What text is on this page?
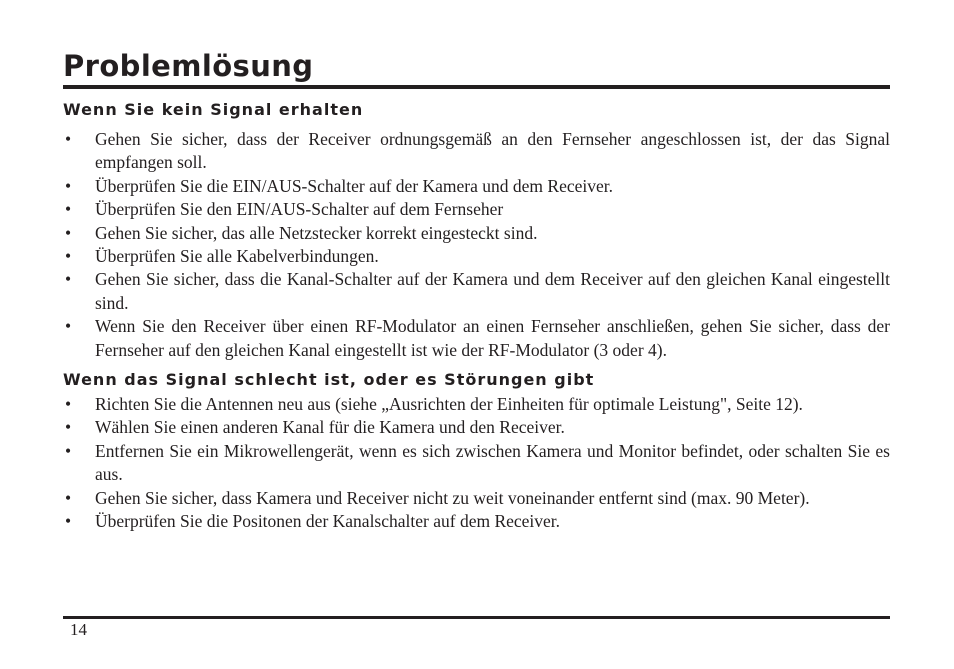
Problemlösung
Wenn Sie kein Signal erhalten
• Gehen Sie sicher, dass der Receiver ordnungsgemäß an den Fernseher angeschlossen ist, der das Signal empfangen soll.
• Überprüfen Sie die EIN/AUS-Schalter auf der Kamera und dem Receiver.
• Überprüfen Sie den EIN/AUS-Schalter auf dem Fernseher
• Gehen Sie sicher, das alle Netzstecker korrekt eingesteckt sind.
• Überprüfen Sie alle Kabelverbindungen.
• Gehen Sie sicher, dass die Kanal-Schalter auf der Kamera und dem Receiver auf den gleichen Kanal eingestellt sind.
• Wenn Sie den Receiver über einen RF-Modulator an einen Fernseher anschließen, gehen Sie sicher, dass der Fernseher auf den gleichen Kanal eingestellt ist wie der RF-Modulator (3 oder 4).
Wenn das Signal schlecht ist, oder es Störungen gibt
• Richten Sie die Antennen neu aus (siehe „Ausrichten der Einheiten für optimale Leistung", Seite 12).
• Wählen Sie einen anderen Kanal für die Kamera und den Receiver.
• Entfernen Sie ein Mikrowellengerät, wenn es sich zwischen Kamera und Monitor befindet, oder schalten Sie es aus.
• Gehen Sie sicher, dass Kamera und Receiver nicht zu weit voneinander entfernt sind (max. 90 Meter).
• Überprüfen Sie die Positonen der Kanalschalter auf dem Receiver.
14
